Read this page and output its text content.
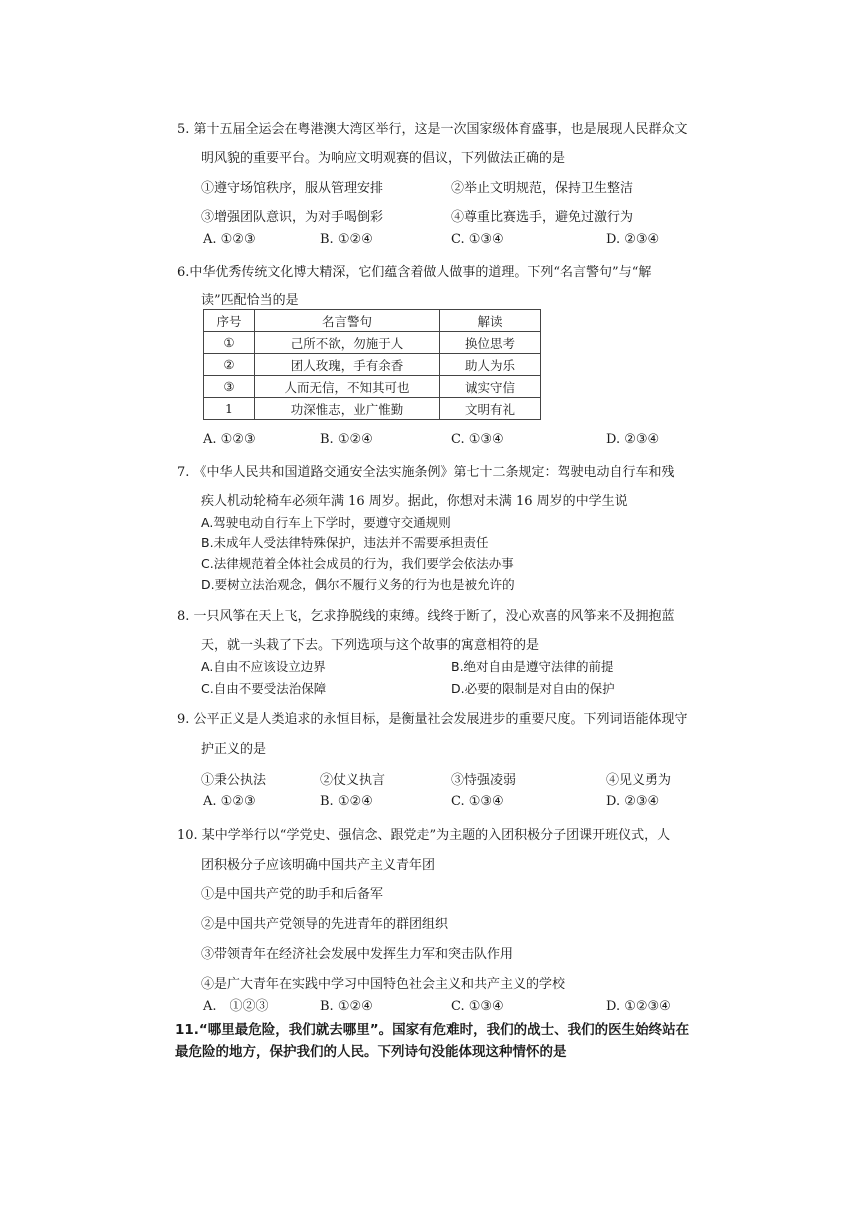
5. 第十五届全运会在粤港澳大湾区举行，这是一次国家级体育盛事，也是展现人民群众文
明风貌的重要平台。为响应文明观赛的倡议，下列做法正确的是
①遵守场馆秩序，服从管理安排	②举止文明规范，保持卫生整洁
③增强团队意识，为对手喝倒彩	④尊重比赛选手，避免过激行为
A. ①②③	B. ①②④	C. ①③④	D. ②③④
6.中华优秀传统文化博大精深，它们蕴含着做人做事的道理。下列“名言警句”与“解
读”匹配恰当的是
序号	名言警句	解读
①	己所不欲，勿施于人	换位思考
②	团人玫瑰，手有余香	助人为乐
③	人而无信，不知其可也	诚实守信
1	功深惟志，业广惟勤	文明有礼
A. ①②③	B. ①②④	C. ①③④	D. ②③④
7. 《中华人民共和国道路交通安全法实施条例》第七十二条规定：驾驶电动自行车和残
疾人机动轮椅车必须年满 16 周岁。据此，你想对未满 16 周岁的中学生说
A.驾驶电动自行车上下学时，要遵守交通规则
B.未成年人受法律特殊保护，违法并不需要承担责任
C.法律规范着全体社会成员的行为，我们要学会依法办事
D.要树立法治观念，偶尔不履行义务的行为也是被允许的
8. 一只风筝在天上飞，乞求挣脱线的束缚。线终于断了，没心欢喜的风筝来不及拥抱蓝
天，就一头栽了下去。下列选项与这个故事的寓意相符的是
A.自由不应该设立边界	B.绝对自由是遵守法律的前提
C.自由不要受法治保障	D.必要的限制是对自由的保护
9. 公平正义是人类追求的永恒目标，是衡量社会发展进步的重要尺度。下列词语能体现守
护正义的是
①秉公执法	②仗义执言	③恃强凌弱	④见义勇为
A. ①②③	B. ①②④	C. ①③④	D. ②③④
10. 某中学举行以“学党史、强信念、跟党走”为主题的入团积极分子团课开班仪式，人
团积极分子应该明确中国共产主义青年团
①是中国共产党的助手和后备军
②是中国共产党领导的先进青年的群团组织
③带领青年在经济社会发展中发挥生力军和突击队作用
④是广大青年在实践中学习中国特色社会主义和共产主义的学校
A.　①②③	B. ①②④	C. ①③④	D. ①②③④
11.“哪里最危险，我们就去哪里”。国家有危难时，我们的战士、我们的医生始终站在
最危险的地方，保护我们的人民。下列诗句没能体现这种情怀的是
